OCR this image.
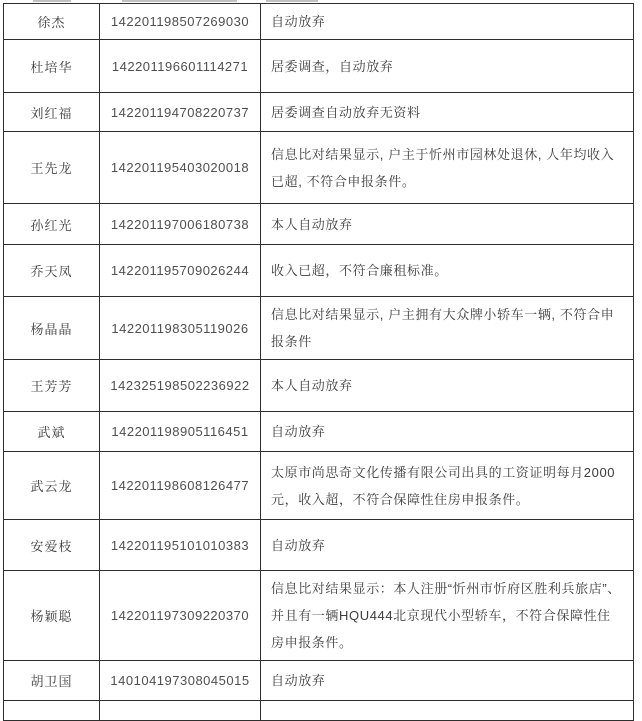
徐杰	142201198507269030	自动放弃
杜培华	142201196601114271	居委调查，自动放弃
刘红福	142201194708220737	居委调查自动放弃无资料
王先龙	142201195403020018	信息比对结果显示, 户主于忻州市园林处退休, 人年均收入已超, 不符合申报条件。
孙红光	142201197006180738	本人自动放弃
乔天凤	142201195709026244	收入已超，不符合廉租标准。
杨晶晶	142201198305119026	信息比对结果显示, 户主拥有大众牌小轿车一辆, 不符合申报条件
王芳芳	142325198502236922	本人自动放弃
武斌	142201198905116451	自动放弃
武云龙	142201198608126477	太原市尚思奇文化传播有限公司出具的工资证明每月2000元，收入超，不符合保障性住房申报条件。
安爱枝	142201195101010383	自动放弃
杨颖聪	142201197309220370	信息比对结果显示：本人注册“忻州市忻府区胜利兵旅店”、并且有一辆HQU444北京现代小型轿车，不符合保障性住房申报条件。
胡卫国	140104197308045015	自动放弃
